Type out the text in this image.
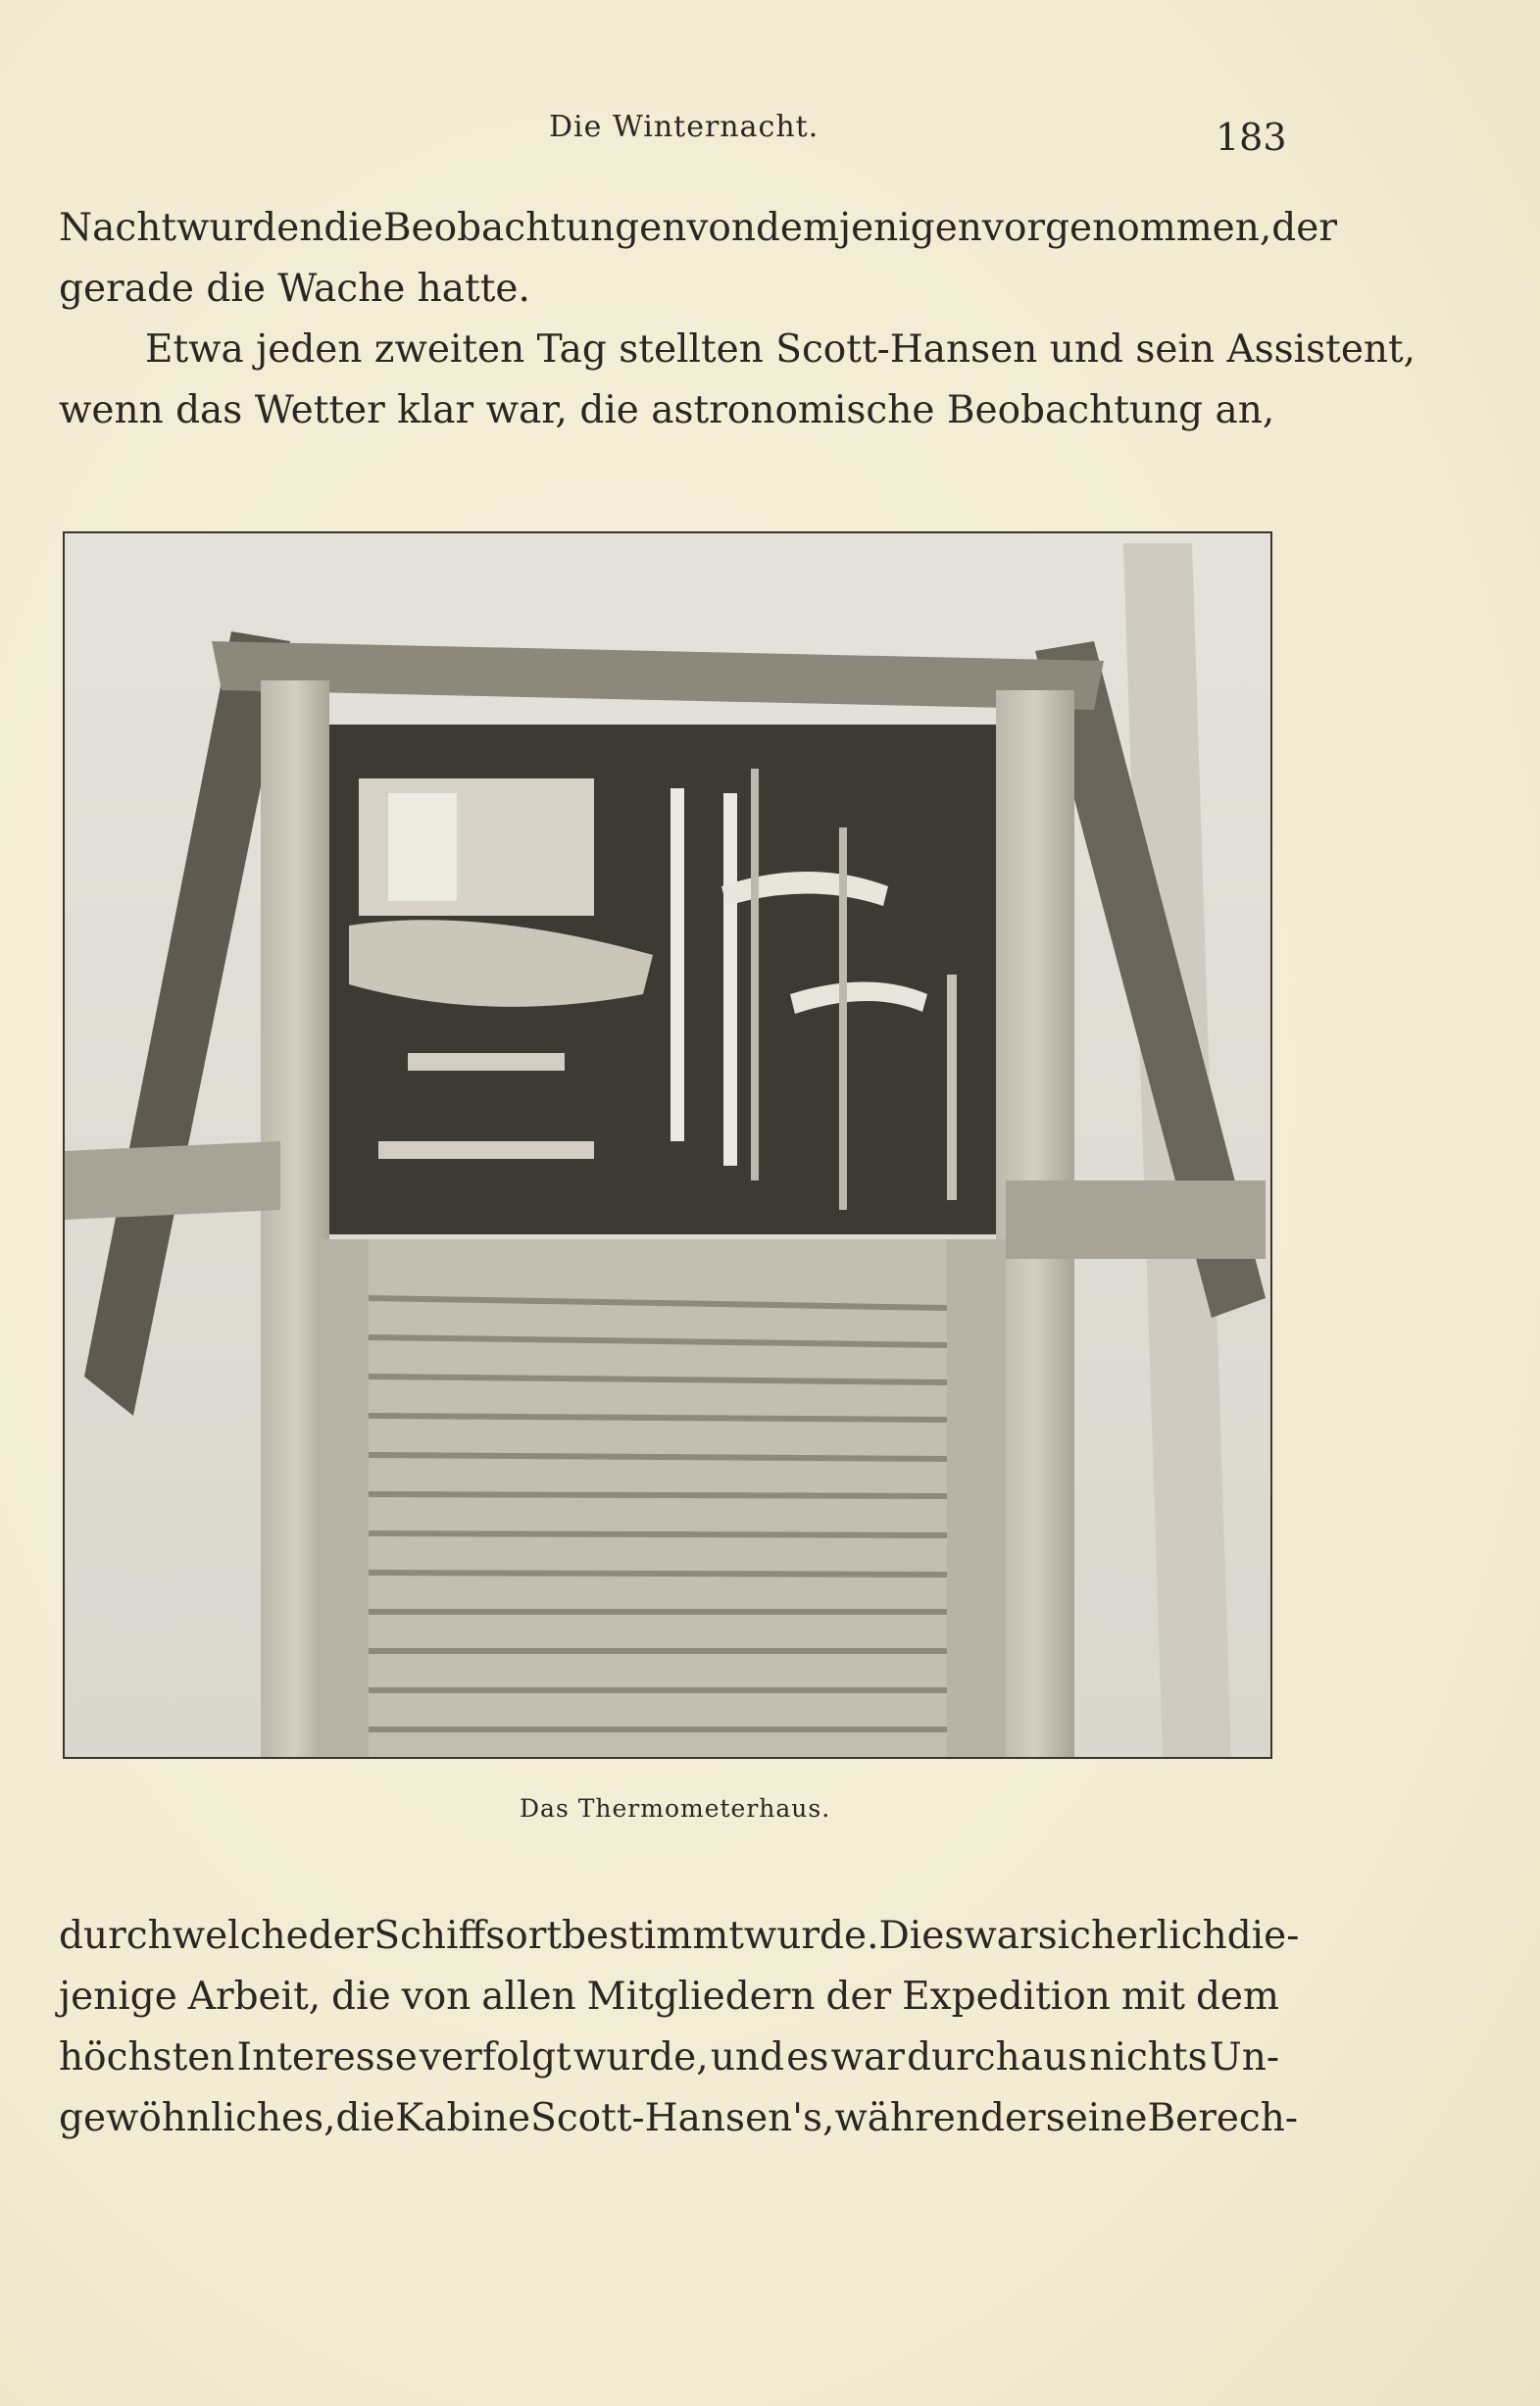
Die Winternacht.	183

Nacht wurden die Beobachtungen von demjenigen vorgenommen, der
gerade die Wache hatte.

Etwa jeden zweiten Tag stellten Scott-Hansen und sein Assistent,
wenn das Wetter klar war, die astronomische Beobachtung an,

Das Thermometerhaus.

durch welche der Schiffsort bestimmt wurde. Dies war sicherlich die-
jenige Arbeit, die von allen Mitgliedern der Expedition mit dem
höchsten Interesse verfolgt wurde, und es war durchaus nichts Un-
gewöhnliches, die Kabine Scott-Hansen's, während er seine Berech-
